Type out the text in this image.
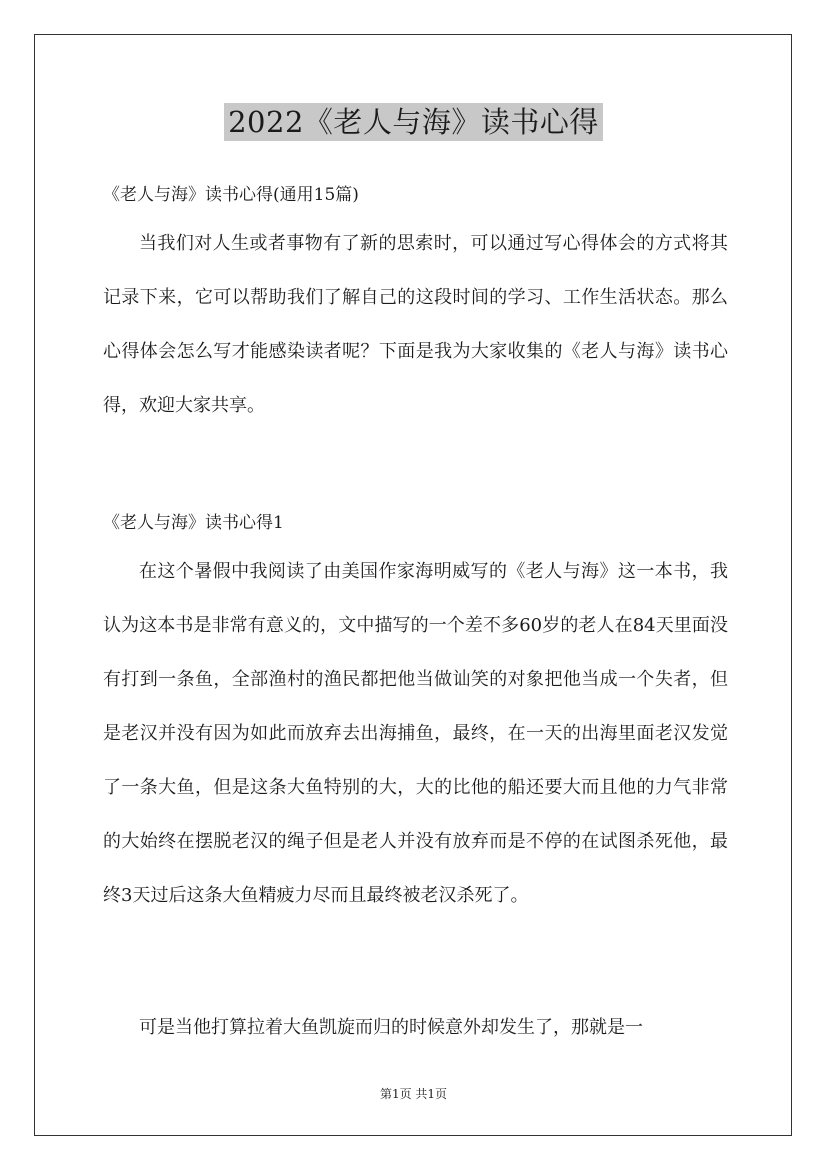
2022《老人与海》读书心得
《老人与海》读书心得(通用15篇)

当我们对人生或者事物有了新的思索时，可以通过写心得体会的方式将其记录下来，它可以帮助我们了解自己的这段时间的学习、工作生活状态。那么心得体会怎么写才能感染读者呢？下面是我为大家收集的《老人与海》读书心得，欢迎大家共享。

《老人与海》读书心得1

在这个暑假中我阅读了由美国作家海明威写的《老人与海》这一本书，我认为这本书是非常有意义的，文中描写的一个差不多60岁的老人在84天里面没有打到一条鱼，全部渔村的渔民都把他当做讪笑的对象把他当成一个失者，但是老汉并没有因为如此而放弃去出海捕鱼，最终，在一天的出海里面老汉发觉了一条大鱼，但是这条大鱼特别的大，大的比他的船还要大而且他的力气非常的大始终在摆脱老汉的绳子但是老人并没有放弃而是不停的在试图杀死他，最终3天过后这条大鱼精疲力尽而且最终被老汉杀死了。

可是当他打算拉着大鱼凯旋而归的时候意外却发生了，那就是一

第1页 共1页
